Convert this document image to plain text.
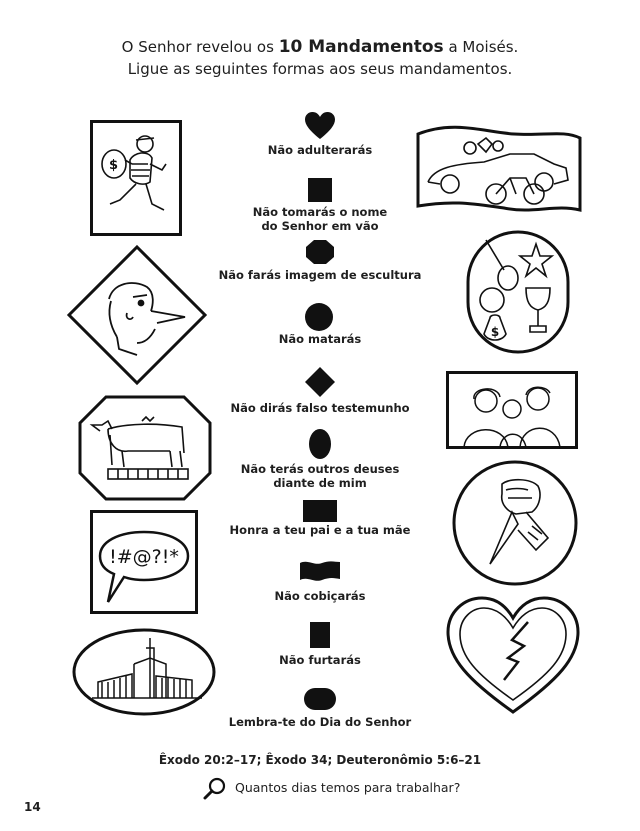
O Senhor revelou os 10 Mandamentos a Moisés.
Ligue as seguintes formas aos seus mandamentos.
Não adulterarás
Não tomarás o nome
do Senhor em vão
Não farás imagem de escultura
Não matarás
Não dirás falso testemunho
Não terás outros deuses
diante de mim
Honra a teu pai e a tua mãe
Não cobiçarás
Não furtarás
Lembra-te do Dia do Senhor
$
!#@?!*
$
Êxodo 20:2–17; Êxodo 34; Deuteronômio 5:6–21
Quantos dias temos para trabalhar?
14
